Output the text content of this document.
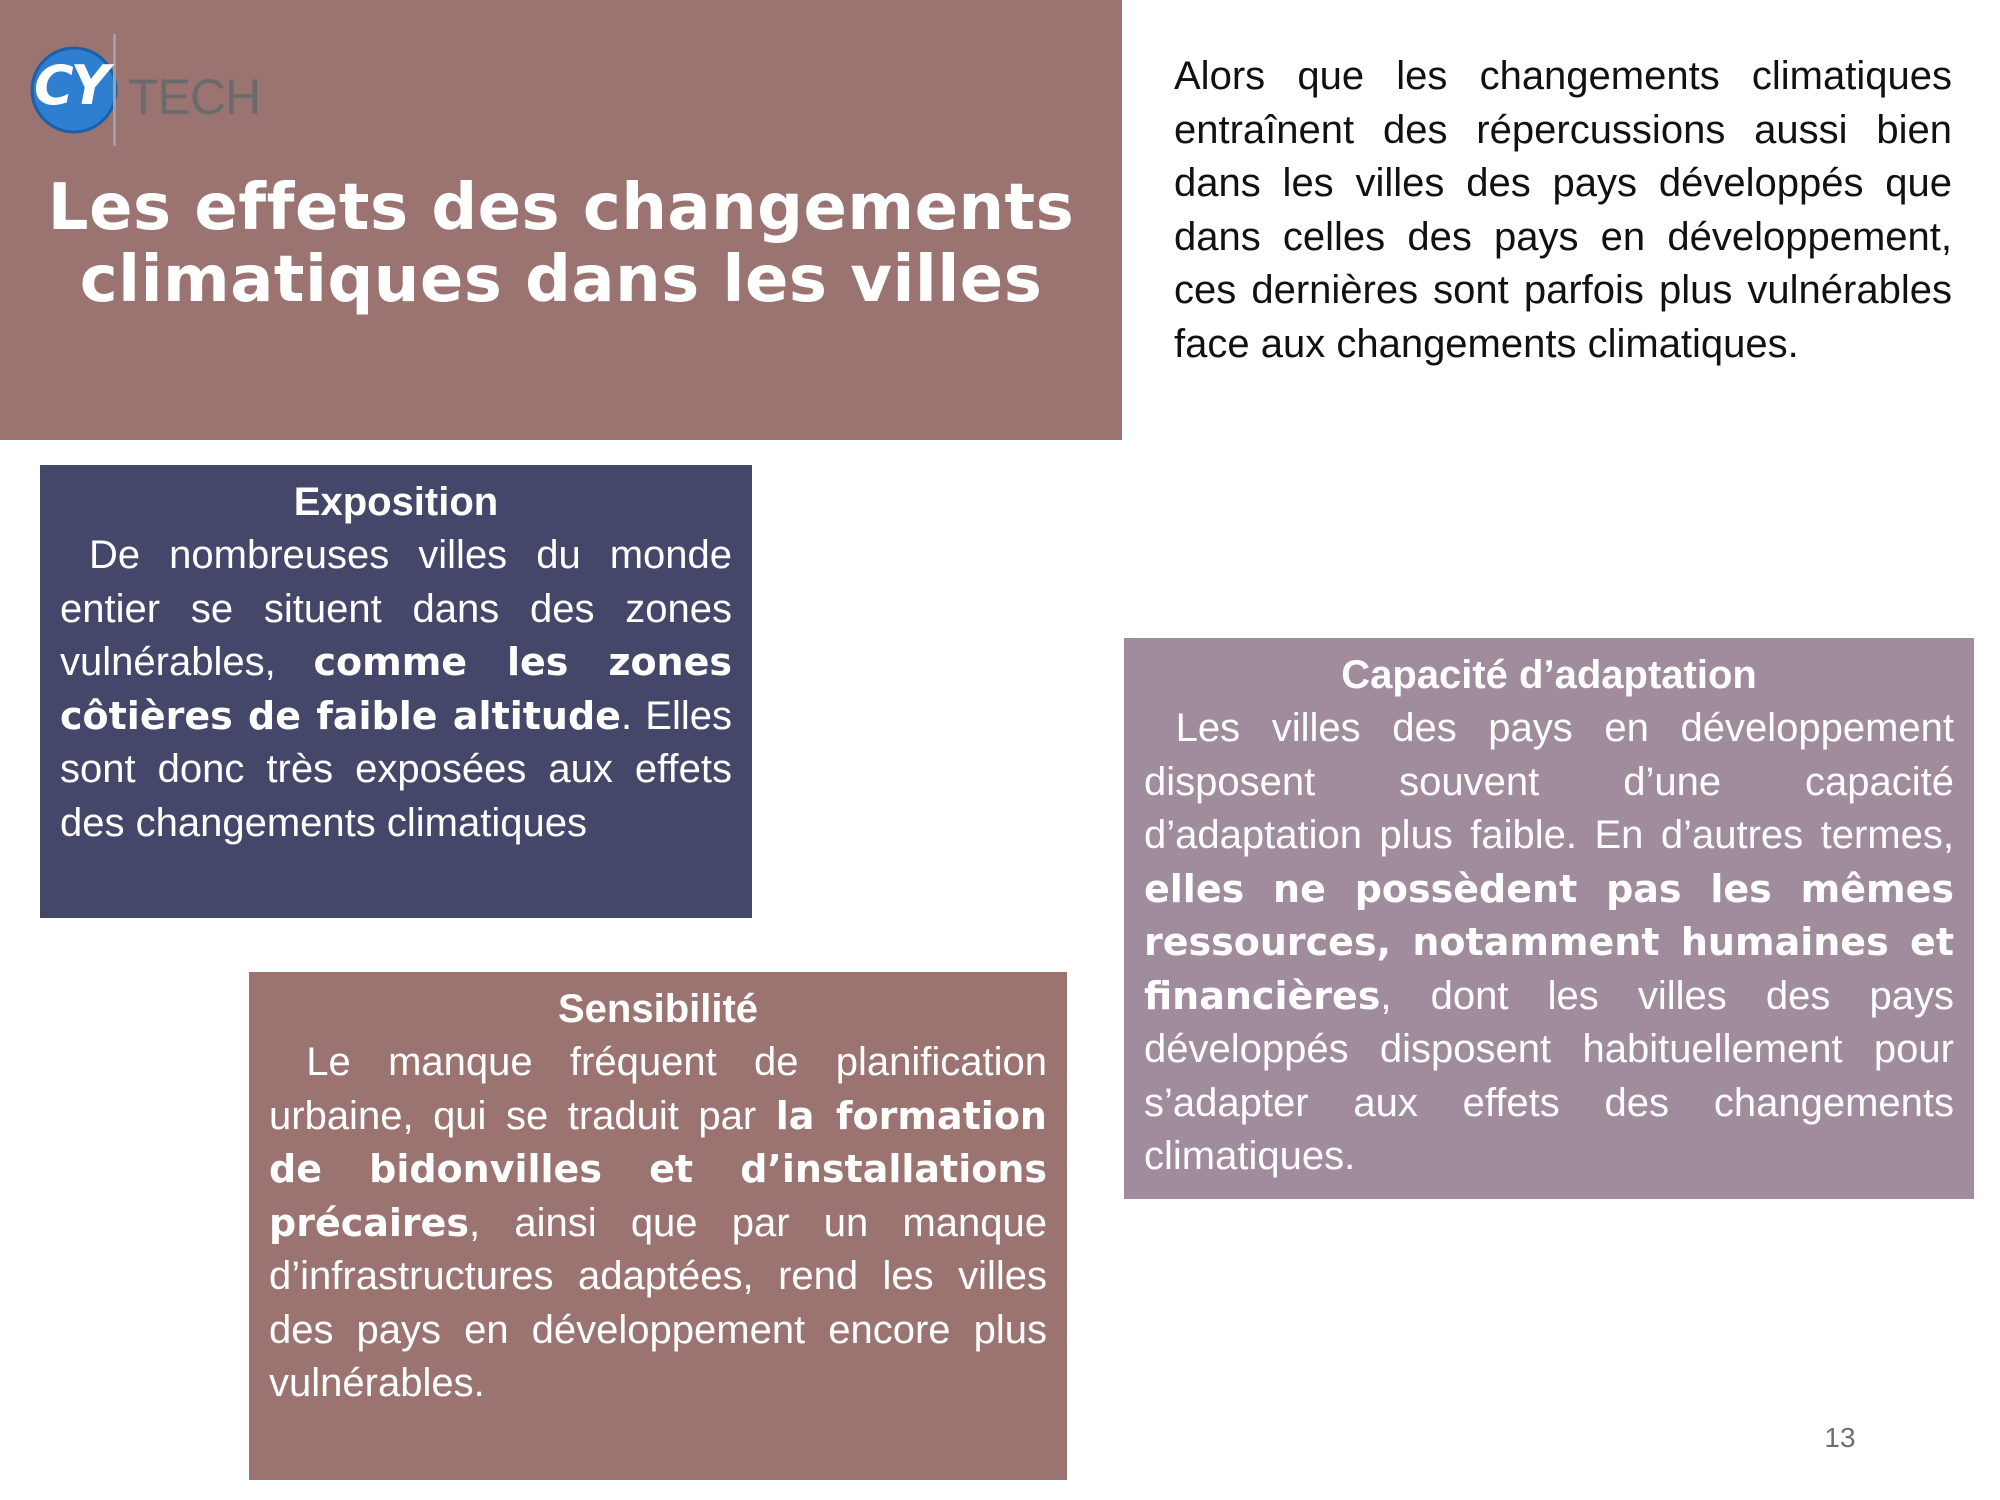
CY TECH
Les effets des changements
climatiques dans les villes
Alors que les changements climatiques entraînent des répercussions aussi bien dans les villes des pays développés que dans celles des pays en développement, ces dernières sont parfois plus vulnérables face aux changements climatiques.
Exposition
De nombreuses villes du monde entier se situent dans des zones vulnérables, comme les zones côtières de faible altitude. Elles sont donc très exposées aux effets des changements climatiques
Sensibilité
Le manque fréquent de planification urbaine, qui se traduit par la formation de bidonvilles et d’installations précaires, ainsi que par un manque d’infrastructures adaptées, rend les villes des pays en développement encore plus vulnérables.
Capacité d’adaptation
Les villes des pays en développement disposent souvent d’une capacité d’adaptation plus faible. En d’autres termes, elles ne possèdent pas les mêmes ressources, notamment humaines et financières, dont les villes des pays développés disposent habituellement pour s’adapter aux effets des changements climatiques.
13
